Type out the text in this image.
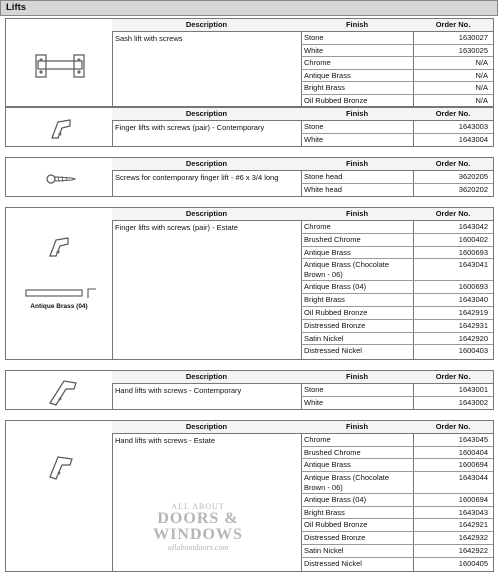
Lifts
Description
Sash lift with screws
Finish
Stone
White
Chrome
Antique Brass
Bright Brass
Oil Rubbed Bronze
Order No.
1630027
1630025
N/A
N/A
N/A
N/A
Description
Finger lifts with screws (pair) - Contemporary
Finish
Stone
White
Order No.
1643003
1643004
Description
Screws for contemporary finger lift - #6 x 3/4 long
Finish
Stone head
White head
Order No.
3620205
3620202
Antique Brass (04)
Description
Finger lifts with screws (pair) - Estate
Finish
Chrome
Brushed Chrome
Antique Brass
Antique Brass (Chocolate Brown - 06)
Antique Brass (04)
Bright Brass
Oil Rubbed Bronze
Distressed Bronze
Satin Nickel
Distressed Nickel
Order No.
1643042
1600402
1600693
1643041
1600693
1643040
1642919
1642931
1642920
1600403
Description
Hand lifts with screws - Contemporary
Finish
Stone
White
Order No.
1643001
1643002
Description
Hand lifts with screws - Estate
Finish
Chrome
Brushed Chrome
Antique Brass
Antique Brass (Chocolate Brown - 06)
Antique Brass (04)
Bright Brass
Oil Rubbed Bronze
Distressed Bronze
Satin Nickel
Distressed Nickel
Order No.
1643045
1600404
1600694
1643044
1600694
1643043
1642921
1642932
1642922
1600405
ALL ABOUT
DOORS & WINDOWS
allaboutdoors.com
